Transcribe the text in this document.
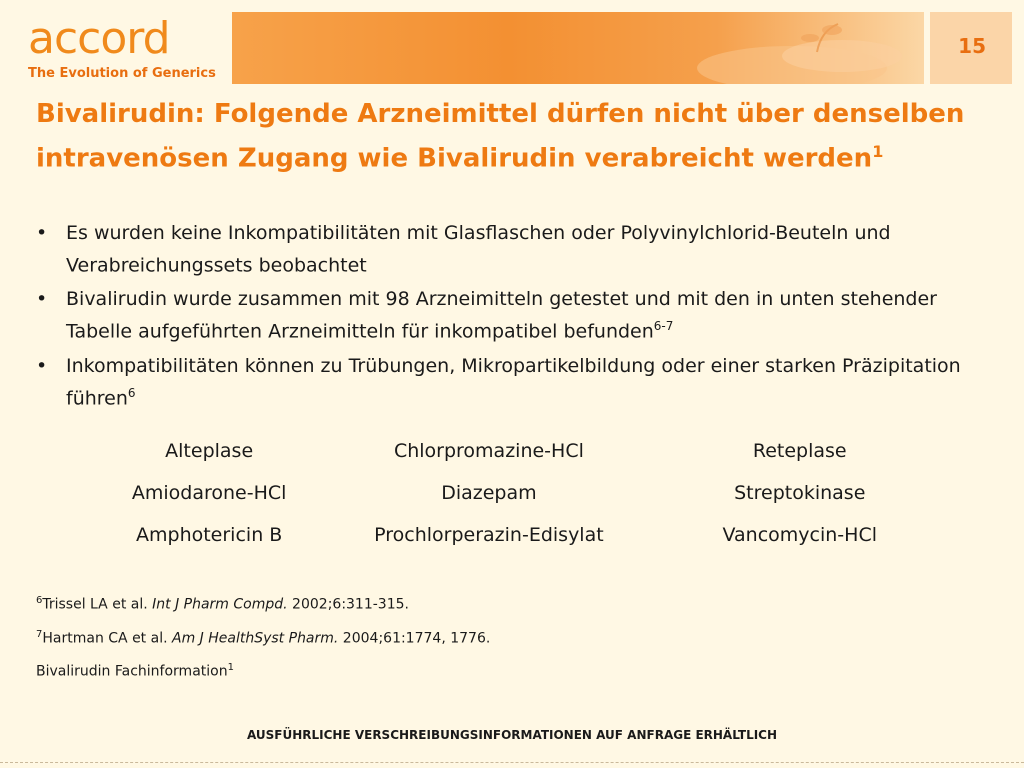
accord
The Evolution of Generics
15
Bivalirudin: Folgende Arzneimittel dürfen nicht über denselben intravenösen Zugang wie Bivalirudin verabreicht werden$^1$
• Es wurden keine Inkompatibilitäten mit Glasflaschen oder Polyvinylchlorid-Beuteln und Verabreichungssets beobachtet
• Bivalirudin wurde zusammen mit 98 Arzneimitteln getestet und mit den in unten stehender Tabelle aufgeführten Arzneimitteln für inkompatibel befunden$^{6-7}$
• Inkompatibilitäten können zu Trübungen, Mikropartikelbildung oder einer starken Präzipitation führen$^6$
Alteplase	Chlorpromazine-HCl	Reteplase
Amiodarone-HCl	Diazepam	Streptokinase
Amphotericin B	Prochlorperazin-Edisylat	Vancomycin-HCl
$^6$Trissel LA et al. Int J Pharm Compd. 2002;6:311-315.
$^7$Hartman CA et al. Am J HealthSyst Pharm. 2004;61:1774, 1776.
Bivalirudin Fachinformation$^1$
AUSFÜHRLICHE VERSCHREIBUNGSINFORMATIONEN AUF ANFRAGE ERHÄLTLICH
